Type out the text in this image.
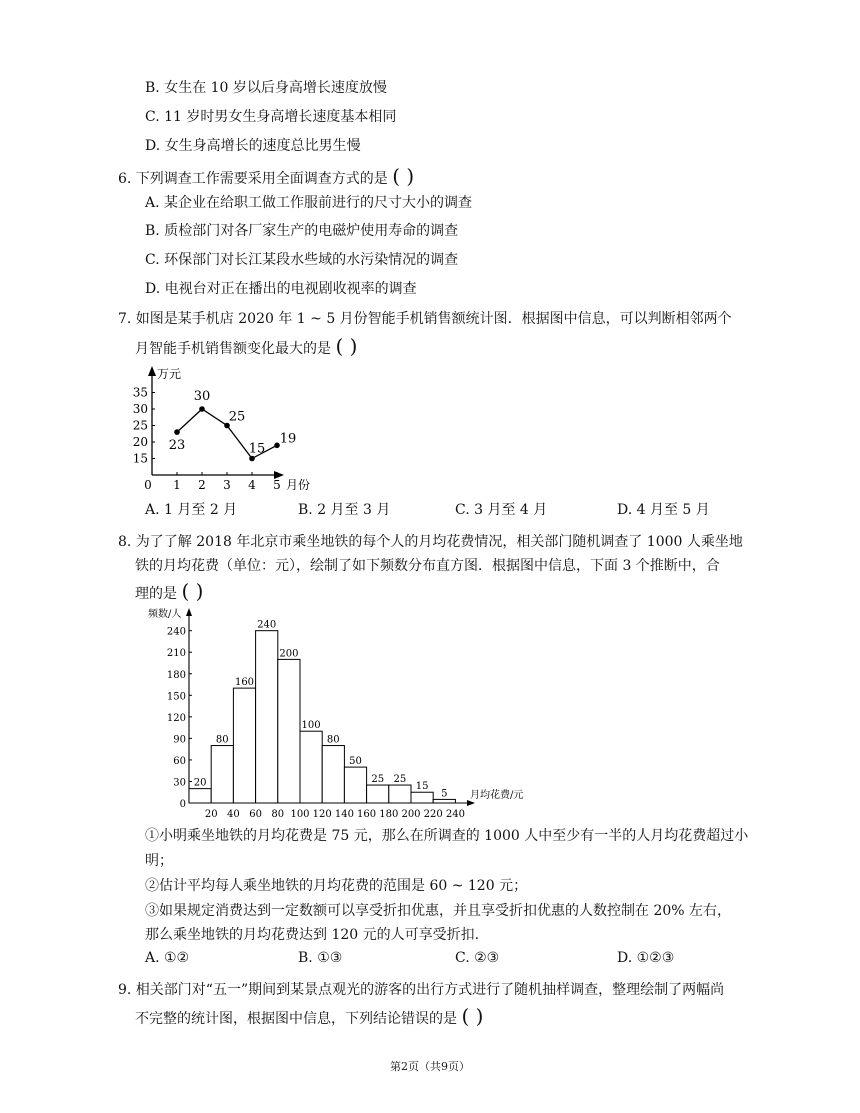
B. 女生在 10 岁以后身高增长速度放慢
C. 11 岁时男女生身高增长速度基本相同
D. 女生身高增长的速度总比男生慢
6. 下列调查工作需要采用全面调查方式的是 ( )
A. 某企业在给职工做工作服前进行的尺寸大小的调查
B. 质检部门对各厂家生产的电磁炉使用寿命的调查
C. 环保部门对长江某段水些域的水污染情况的调查
D. 电视台对正在播出的电视剧收视率的调查
7. 如图是某手机店 2020 年 1 ~ 5 月份智能手机销售额统计图．根据图中信息，可以判断相邻两个
月智能手机销售额变化最大的是 ( )
万元
月份
15
20
25
30
35
0 1 2 3 4 5
23
30
25
15
19
A. 1 月至 2 月	B. 2 月至 3 月	C. 3 月至 4 月	D. 4 月至 5 月
8. 为了了解 2018 年北京市乘坐地铁的每个人的月均花费情况，相关部门随机调查了 1000 人乘坐地
铁的月均花费（单位：元），绘制了如下频数分布直方图．根据图中信息，下面 3 个推断中，合
理的是 ( )
频数/人
月均花费/元
0
30
60
90
120
150
180
210
240
20
80
160
240
200
100
80
50
25 25
15
5
20 40 60 80 100 120 140 160 180 200 220 240
①小明乘坐地铁的月均花费是 75 元，那么在所调查的 1000 人中至少有一半的人月均花费超过小
明；
②估计平均每人乘坐地铁的月均花费的范围是 60 ~ 120 元；
③如果规定消费达到一定数额可以享受折扣优惠，并且享受折扣优惠的人数控制在 20% 左右，
那么乘坐地铁的月均花费达到 120 元的人可享受折扣.
A. ①②	B. ①③	C. ②③	D. ①②③
9. 相关部门对“五一”期间到某景点观光的游客的出行方式进行了随机抽样调查，整理绘制了两幅尚
不完整的统计图，根据图中信息，下列结论错误的是 ( )
第2页（共9页）
